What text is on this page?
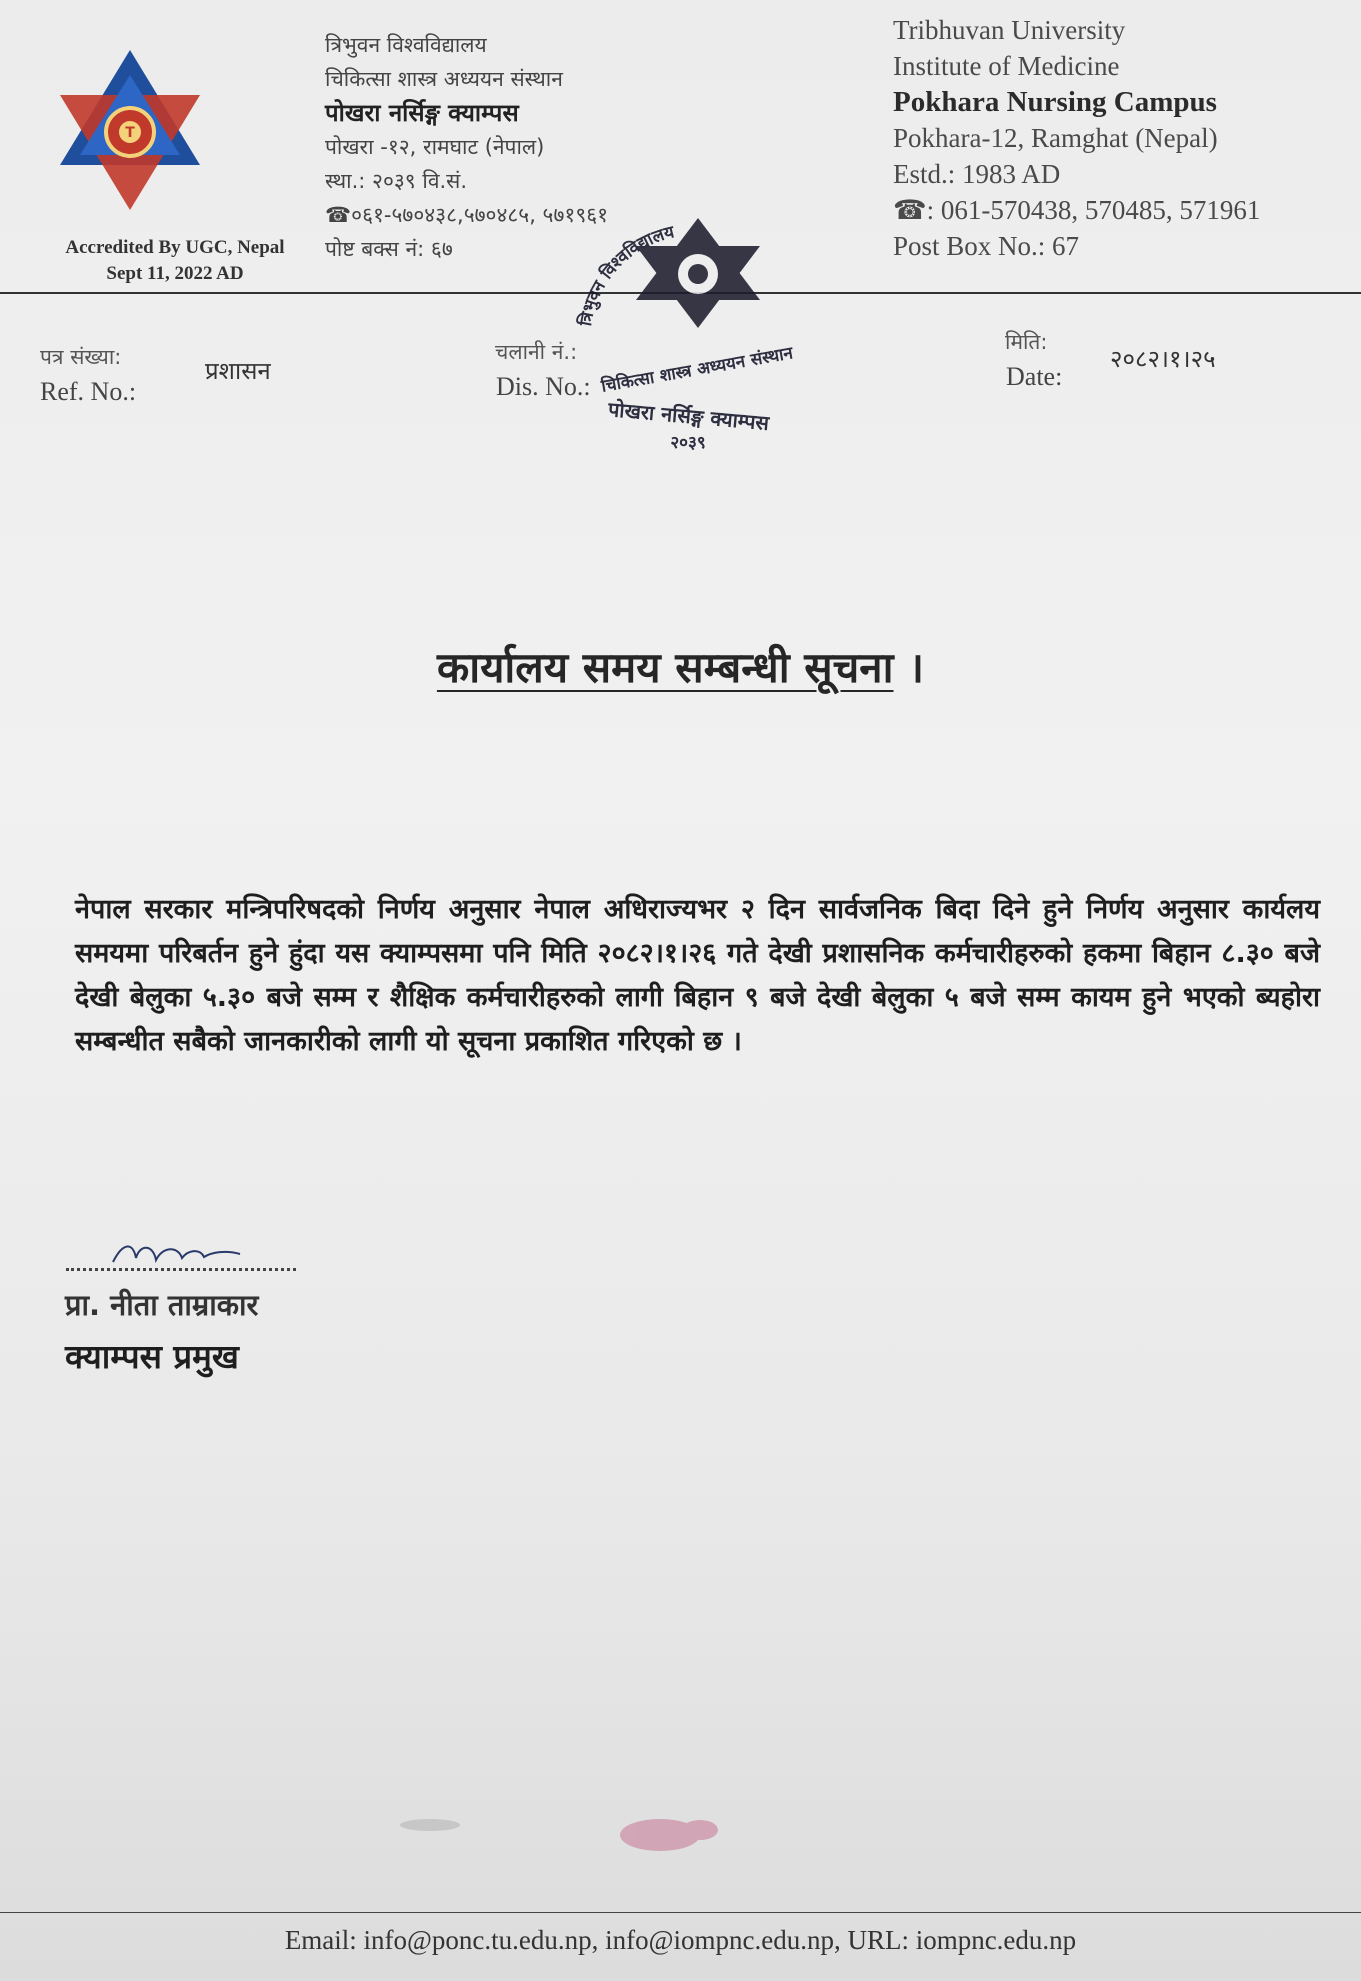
T
Accredited By UGC, Nepal
Sept 11, 2022 AD
त्रिभुवन विश्वविद्यालय
चिकित्सा शास्त्र अध्ययन संस्थान
पोखरा नर्सिङ्ग क्याम्पस
पोखरा -१२, रामघाट (नेपाल)
स्था.: २०३९ वि.सं.
☎०६१-५७०४३८,५७०४८५, ५७१९६१
पोष्ट बक्स नं: ६७
Tribhuvan University
Institute of Medicine
Pokhara Nursing Campus
Pokhara-12, Ramghat (Nepal)
Estd.: 1983 AD
☎: 061-570438, 570485, 571961
Post Box No.: 67
पत्र संख्या:
Ref. No.:
प्रशासन
चलानी नं.:
Dis. No.:
मिति:
Date:
२०८२।१।२५
त्रिभुवन विश्वविद्यालय
चिकित्सा शास्त्र अध्ययन संस्थान
पोखरा नर्सिङ्ग क्याम्पस
२०३९
कार्यालय समय सम्बन्धी सूचना ।
नेपाल सरकार मन्त्रिपरिषदको निर्णय अनुसार नेपाल अधिराज्यभर २ दिन सार्वजनिक बिदा दिने हुने निर्णय अनुसार कार्यलय समयमा परिबर्तन हुने हुंदा यस क्याम्पसमा पनि मिति २०८२।१।२६ गते देखी प्रशासनिक कर्मचारीहरुको हकमा बिहान ८.३० बजे देखी बेलुका ५.३० बजे सम्म र शैक्षिक कर्मचारीहरुको लागी बिहान ९ बजे देखी बेलुका ५ बजे सम्म कायम हुने भएको ब्यहोरा सम्बन्धीत सबैको जानकारीको लागी यो सूचना प्रकाशित गरिएको छ ।
प्रा. नीता ताम्राकार
क्याम्पस प्रमुख
Email: info@ponc.tu.edu.np, info@iompnc.edu.np, URL: iompnc.edu.np
